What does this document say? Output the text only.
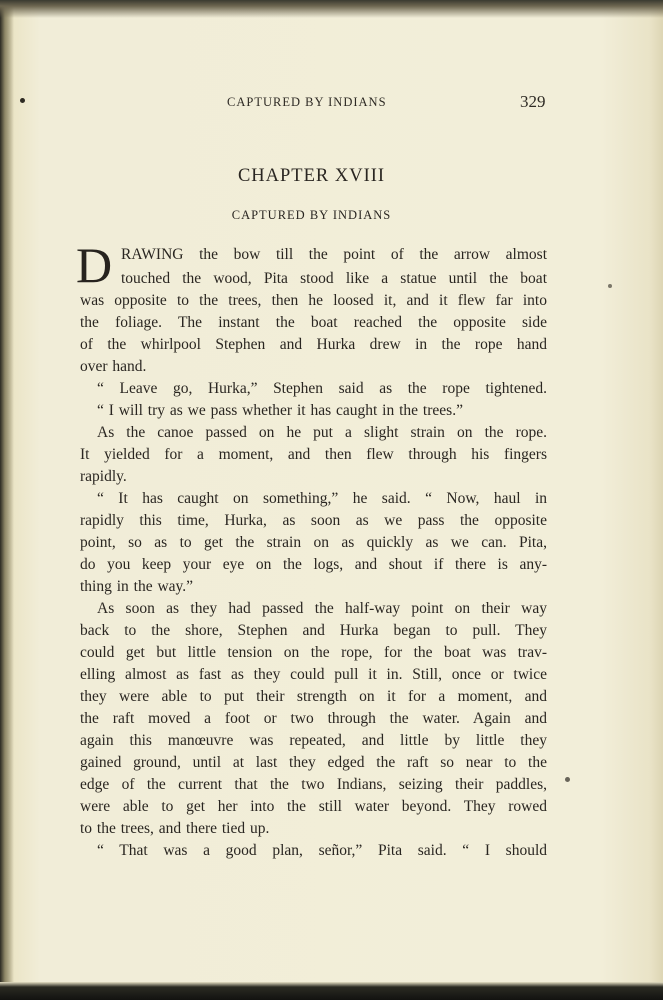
CAPTURED BY INDIANS	329
CHAPTER XVIII
CAPTURED BY INDIANS
D RAWING the bow till the point of the arrow almost
touched the wood, Pita stood like a statue until the boat
was opposite to the trees, then he loosed it, and it flew far into
the foliage. The instant the boat reached the opposite side
of the whirlpool Stephen and Hurka drew in the rope hand
over hand.
“ Leave go, Hurka,” Stephen said as the rope tightened.
“ I will try as we pass whether it has caught in the trees.”
As the canoe passed on he put a slight strain on the rope.
It yielded for a moment, and then flew through his fingers
rapidly.
“ It has caught on something,” he said. “ Now, haul in
rapidly this time, Hurka, as soon as we pass the opposite
point, so as to get the strain on as quickly as we can. Pita,
do you keep your eye on the logs, and shout if there is any-
thing in the way.”
As soon as they had passed the half-way point on their way
back to the shore, Stephen and Hurka began to pull. They
could get but little tension on the rope, for the boat was trav-
elling almost as fast as they could pull it in. Still, once or twice
they were able to put their strength on it for a moment, and
the raft moved a foot or two through the water. Again and
again this manœuvre was repeated, and little by little they
gained ground, until at last they edged the raft so near to the
edge of the current that the two Indians, seizing their paddles,
were able to get her into the still water beyond. They rowed
to the trees, and there tied up.
“ That was a good plan, señor,” Pita said. “ I should
